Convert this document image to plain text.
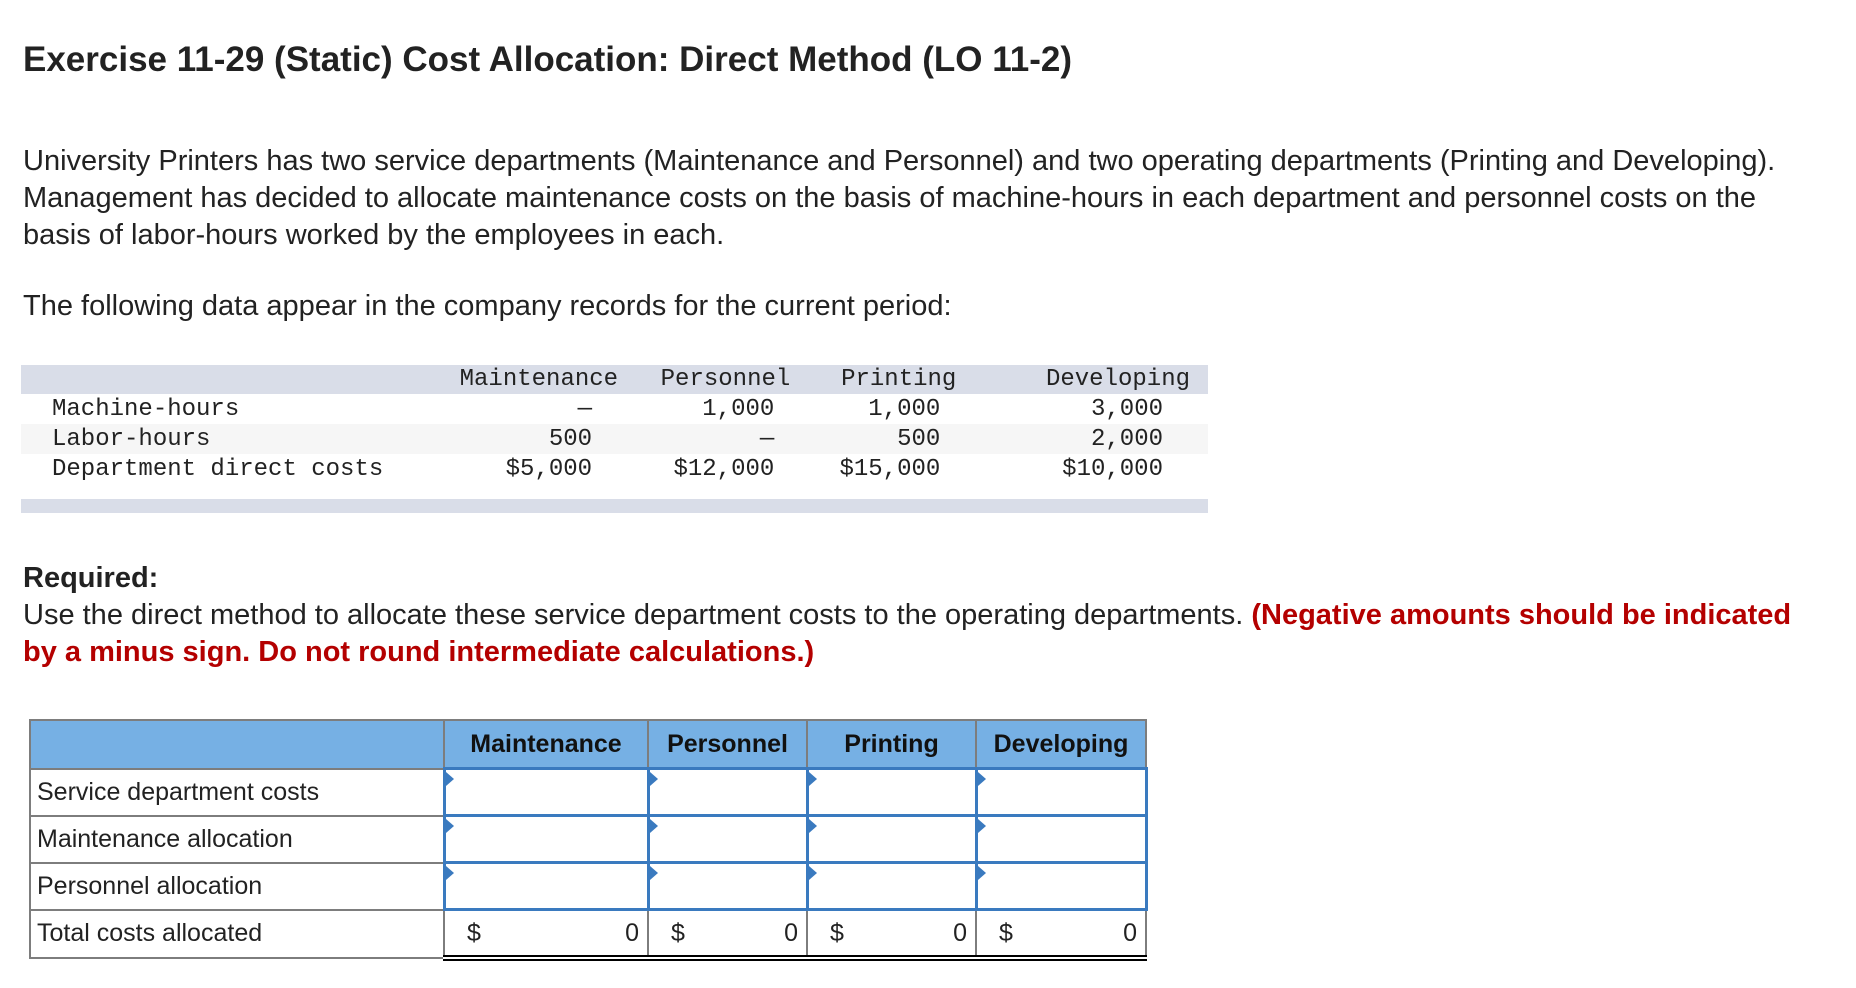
Exercise 11-29 (Static) Cost Allocation: Direct Method (LO 11-2)

University Printers has two service departments (Maintenance and Personnel) and two operating departments (Printing and Developing). Management has decided to allocate maintenance costs on the basis of machine-hours in each department and personnel costs on the basis of labor-hours worked by the employees in each.

The following data appear in the company records for the current period:

	Maintenance	Personnel	Printing	Developing
Machine-hours	—	1,000	1,000	3,000
Labor-hours	500	—	500	2,000
Department direct costs	$5,000	$12,000	$15,000	$10,000

Required:
Use the direct method to allocate these service department costs to the operating departments. (Negative amounts should be indicated by a minus sign. Do not round intermediate calculations.)
	Maintenance	Personnel	Printing	Developing
Service department costs	

Maintenance allocation	

Personnel allocation	

Total costs allocated	$ 0	$ 0	$ 0	$ 0
